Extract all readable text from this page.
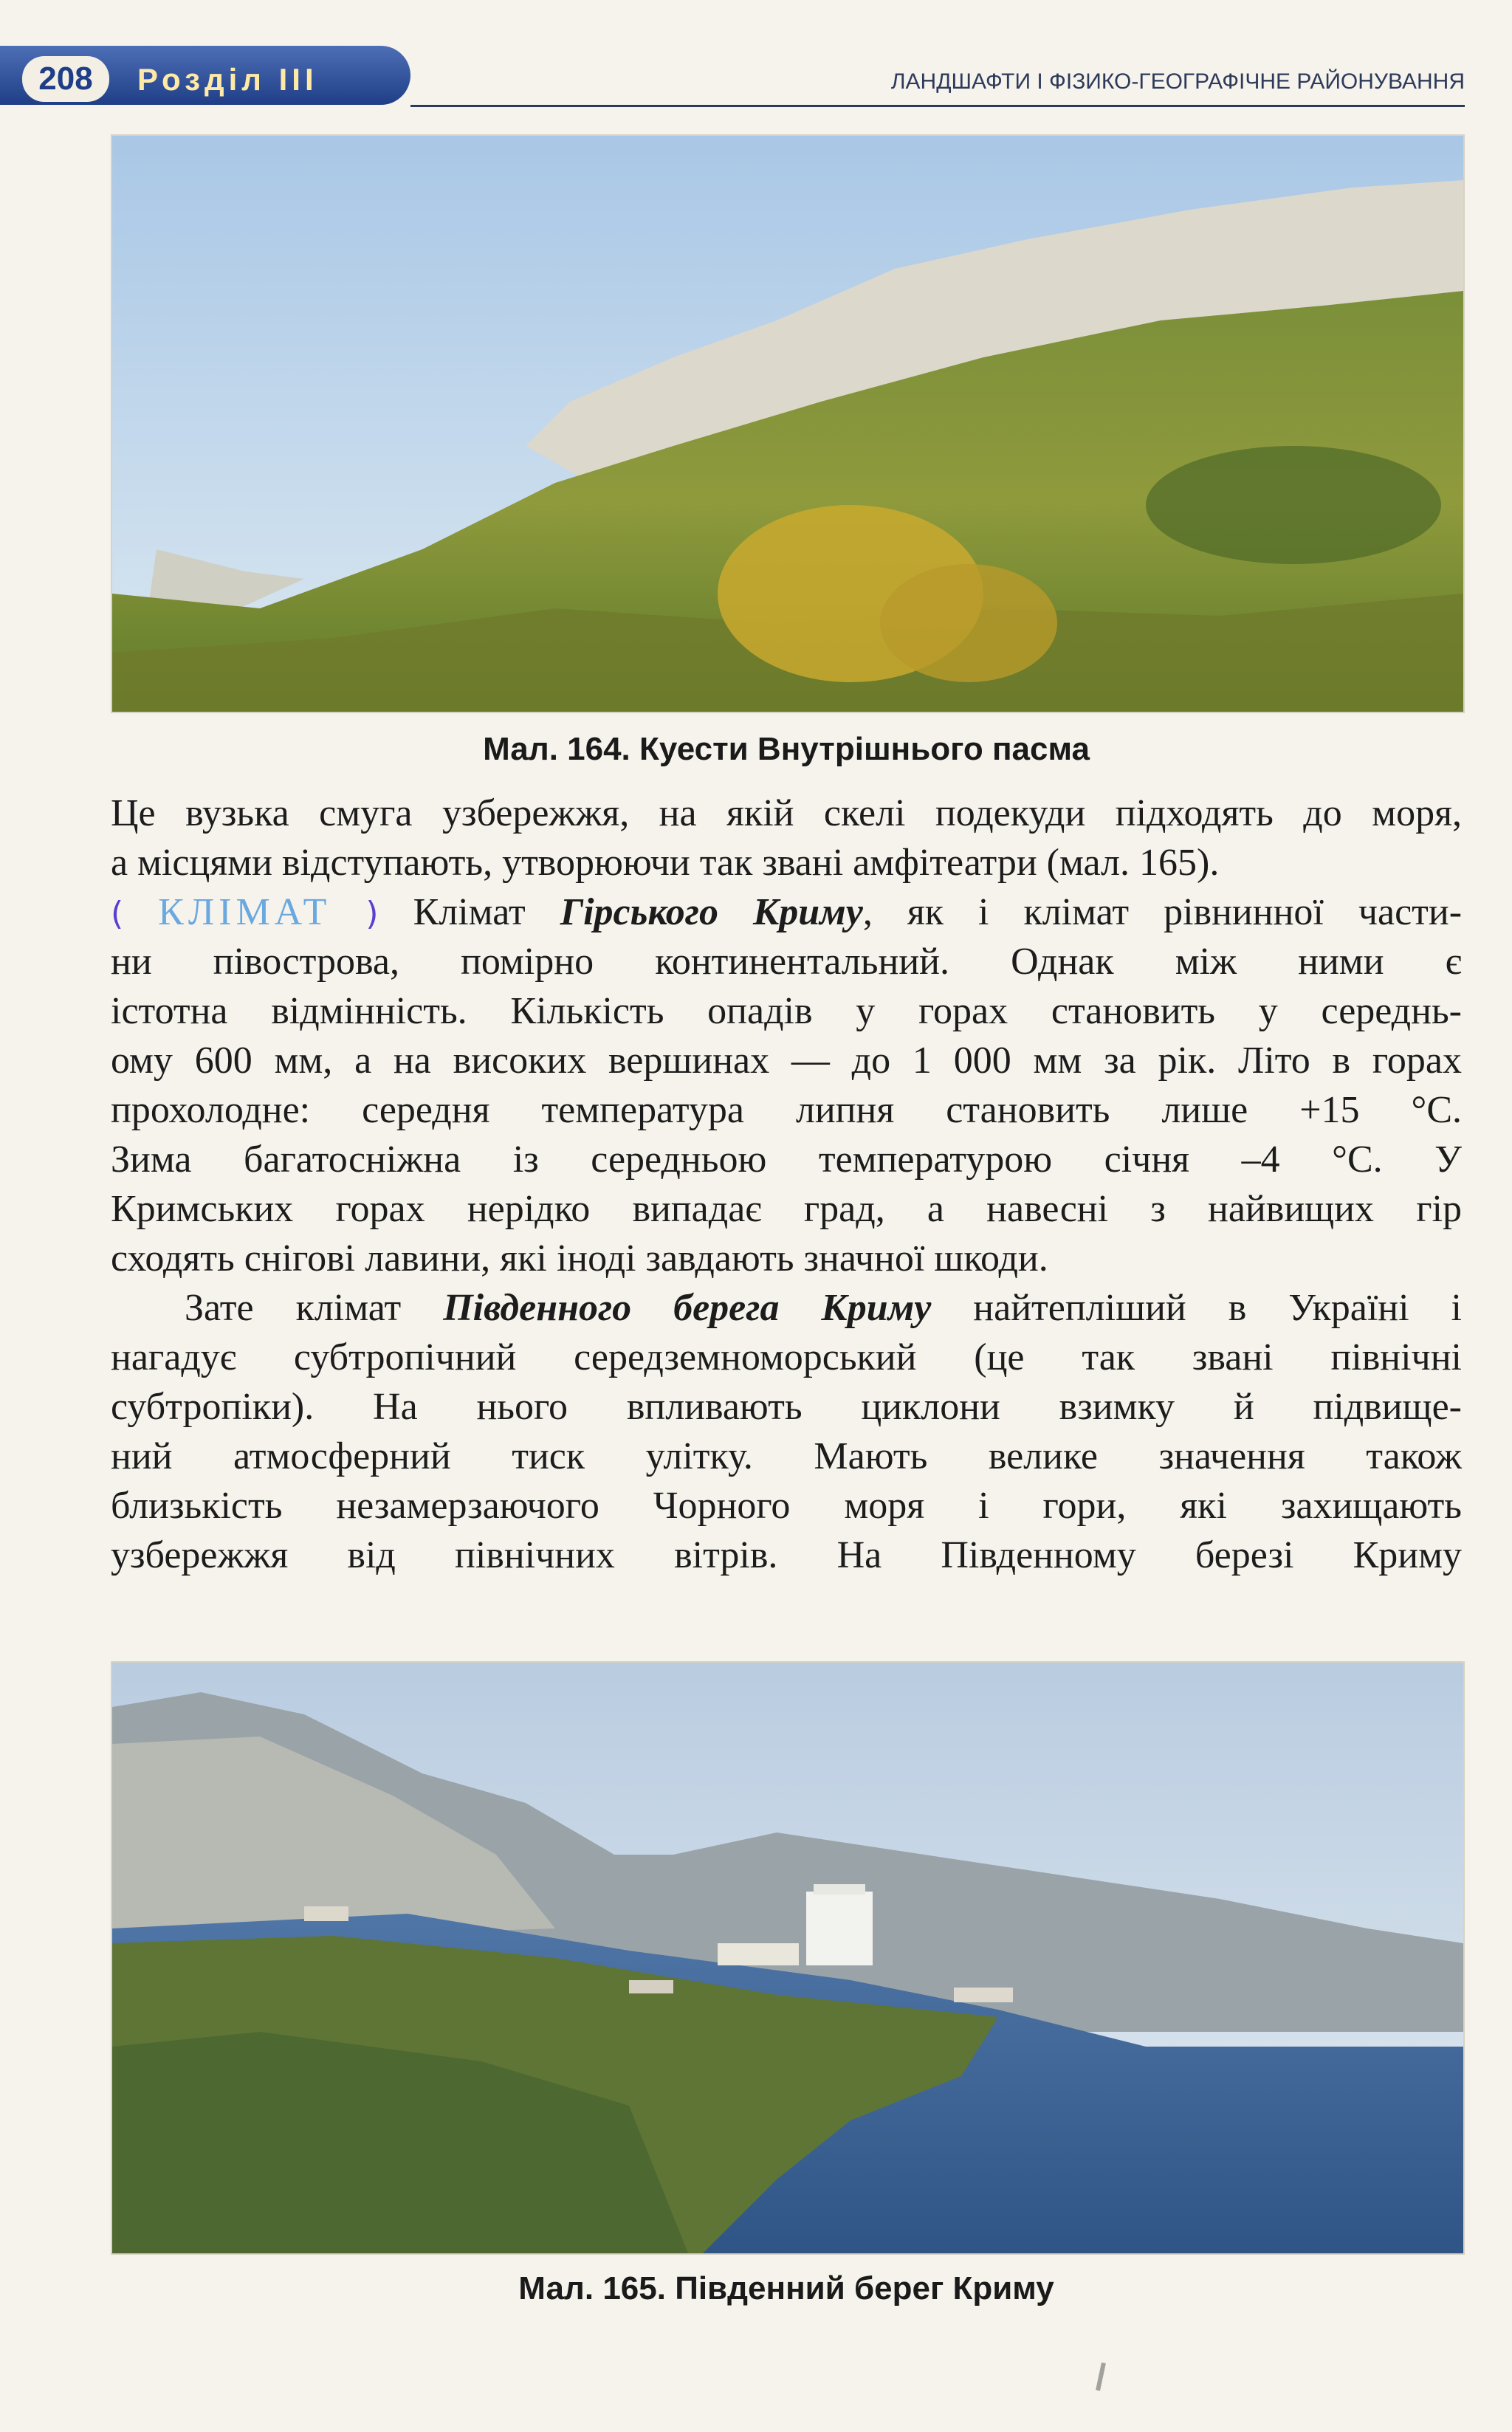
208	Розділ III	ЛАНДШАФТИ І ФІЗИКО-ГЕОГРАФІЧНЕ РАЙОНУВАННЯ
Мал. 164. Куести Внутрішнього пасма
Це вузька смуга узбережжя, на якій скелі подекуди підходять до моря,
а місцями відступають, утворюючи так звані амфітеатри (мал. 165).
( КЛІМАТ ) Клімат Гірського Криму, як і клімат рівнинної части-
ни півострова, помірно континентальний. Однак між ними є
істотна відмінність. Кількість опадів у горах становить у середнь-
ому 600 мм, а на високих вершинах — до 1 000 мм за рік. Літо в горах
прохолодне: середня температура липня становить лише +15 °С.
Зима багатосніжна із середньою температурою січня –4 °С. У
Кримських горах нерідко випадає град, а навесні з найвищих гір
сходять снігові лавини, які іноді завдають значної шкоди.
Зате клімат Південного берега Криму найтепліший в Україні і
нагадує субтропічний середземноморський (це так звані північні
субтропіки). На нього впливають циклони взимку й підвище-
ний атмосферний тиск улітку. Мають велике значення також
близькість незамерзаючого Чорного моря і гори, які захищають
узбережжя від північних вітрів. На Південному березі Криму
Мал. 165. Південний берег Криму
